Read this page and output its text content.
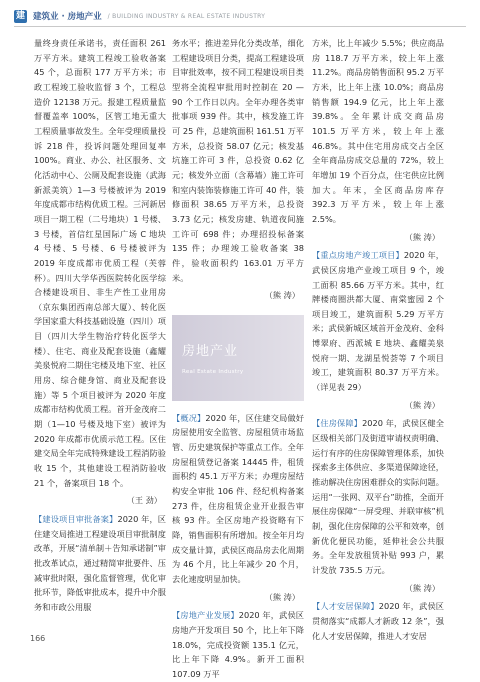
建 建筑业 · 房地产业 / BUILDING INDUSTRY & REAL ESTATE INDUSTRY

量终身责任承诺书，责任面积 261 万平方米。建筑工程竣工验收备案 45 个，总面积 177 万平方米；市政工程竣工验收监督 3 个，工程总造价 12138 万元。报建工程质量监督覆盖率 100%，区管工地无重大工程质量事故发生。全年受理质量投诉 218 件，投诉问题处理回复率 100%。商业、办公、社区服务、文化活动中心、公厕及配套设施（武海新派美筑）1—3 号楼被评为 2019 年度成都市结构优质工程。三河新居项目一期工程（二号地块）1 号楼、3 号楼，首信红星国际广场 C 地块 4 号楼、5 号楼、6 号楼被评为 2019 年度成都市优质工程（芙蓉杯）。四川大学华西医院转化医学综合楼建设项目、非生产性工业用房（京东集团西南总部大厦）、转化医学国家重大科技基础设施（四川）项目（四川大学生物治疗转化医学大楼）、住宅、商业及配套设施（鑫耀美泉悦府二期住宅楼及地下室、社区用房、综合健身馆、商业及配套设施）等 5 个项目被评为 2020 年度成都市结构优质工程。首开金茂府二期（1—10 号楼及地下室）被评为 2020 年成都市优质示范工程。区住建交局全年完成特殊建设工程消防验收 15 个，其他建设工程消防验收 21 个，备案项目 18 个。

（王 劲）

【建设项目审批备案】2020 年，区住建交局推进工程建设项目审批制度改革，开展“清单制＋告知承诺制”审批改革试点，通过精简审批要件、压减审批时限，强化监督管理，优化审批环节，降低审批成本，提升中介服务和市政公用服

务水平；推进差异化分类改革，细化工程建设项目分类，提高工程建设项目审批效率，按不同工程建设项目类型将全流程审批用时控制在 20 — 90 个工作日以内。全年办理各类审批事项 939 件。其中，核发施工许可 25 件，总建筑面积 161.51 万平方米，总投资 58.07 亿元；核发基坑施工许可 3 件，总投资 0.62 亿元；核发外立面（含幕墙）施工许可和室内装饰装修施工许可 40 件，装修面积 38.65 万平方米，总投资 3.73 亿元；核发房建、轨道夜间施工许可 698 件；办理招投标备案 135 件；办理竣工验收备案 38 件，验收面积约 163.01 万平方米。

（熊 涛）

房地产业
Real Estate Industry

【概况】2020 年，区住建交局做好房屋使用安全监管、房屋租赁市场监管、历史建筑保护等重点工作。全年房屋租赁登记备案 14445 件，租赁面积约 45.1 万平方米；办理房屋结构安全审批 106 件、经纪机构备案 273 件，住房租赁企业开业报告审核 93 件。全区房地产投资略有下降，销售面积有所增加。按全年月均成交量计算，武侯区商品房去化周期为 46 个月，比上年减少 20 个月，去化速度明显加快。

（熊 涛）

【房地产业发展】2020 年，武侯区房地产开发项目 50 个，比上年下降 18.0%，完成投资额 135.1 亿元，比上年下降 4.9%。新开工面积 107.09 万平

方米，比上年减少 5.5%；供应商品房 118.7 万平方米，较上年上涨 11.2%。商品房销售面积 95.2 万平方米，比上年上涨 10.0%；商品房销售额 194.9 亿元，比上年上涨 39.8%。全年累计成交商品房 101.5 万平方米，较上年上涨 46.8%。其中住宅用房成交占全区全年商品房成交总量的 72%，较上年增加 19 个百分点，住宅供应比例加大。年末，全区商品房库存 392.3 万平方米，较上年上涨 2.5%。

（熊 涛）

【重点房地产竣工项目】2020 年，武侯区房地产业竣工项目 9 个，竣工面积 85.66 万平方米。其中，红牌楼商圈洪都大厦、南棠蜜园 2 个项目竣工，建筑面积 5.29 万平方米；武侯新城区域首开金茂府、金科博翠府、西派城 E 地块、鑫耀美泉悦府一期、龙湖星悦荟等 7 个项目竣工，建筑面积 80.37 万平方米。（详见表 29）

（熊 涛）

【住房保障】2020 年，武侯区健全区级相关部门及街道审请权责明确、运行有序的住房保障管理体系，加快探索多主体供应、多渠道保障途径，推动解决住房困难群众的实际问题。运用“一张网、双平台”助推，全面开展住房保障“一屏受理、并联审核”机制，强化住房保障的公平和效率，创新优化便民功能，延伸社会公共服务。全年发放租赁补贴 993 户，累计发放 735.5 万元。

（熊 涛）

【人才安居保障】2020 年，武侯区贯彻落实“成都人才新政 12 条”，强化人才安居保障，推进人才安居

166
